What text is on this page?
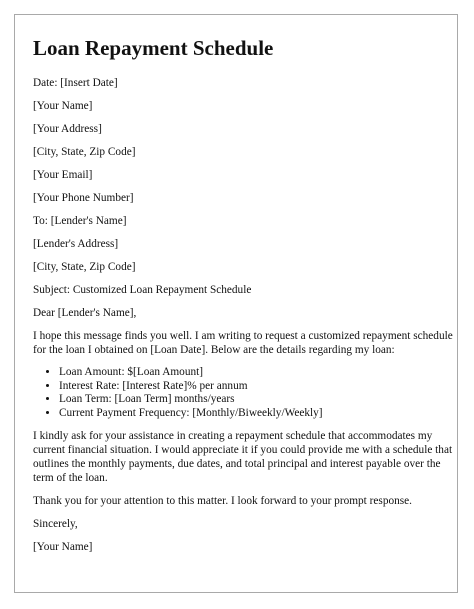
Loan Repayment Schedule

Date: [Insert Date]

[Your Name]

[Your Address]

[City, State, Zip Code]

[Your Email]

[Your Phone Number]

To: [Lender's Name]

[Lender's Address]

[City, State, Zip Code]

Subject: Customized Loan Repayment Schedule

Dear [Lender's Name],

I hope this message finds you well. I am writing to request a customized repayment schedule for the loan I obtained on [Loan Date]. Below are the details regarding my loan:

• Loan Amount: $[Loan Amount]
• Interest Rate: [Interest Rate]% per annum
• Loan Term: [Loan Term] months/years
• Current Payment Frequency: [Monthly/Biweekly/Weekly]

I kindly ask for your assistance in creating a repayment schedule that accommodates my current financial situation. I would appreciate it if you could provide me with a schedule that outlines the monthly payments, due dates, and total principal and interest payable over the term of the loan.

Thank you for your attention to this matter. I look forward to your prompt response.

Sincerely,

[Your Name]
